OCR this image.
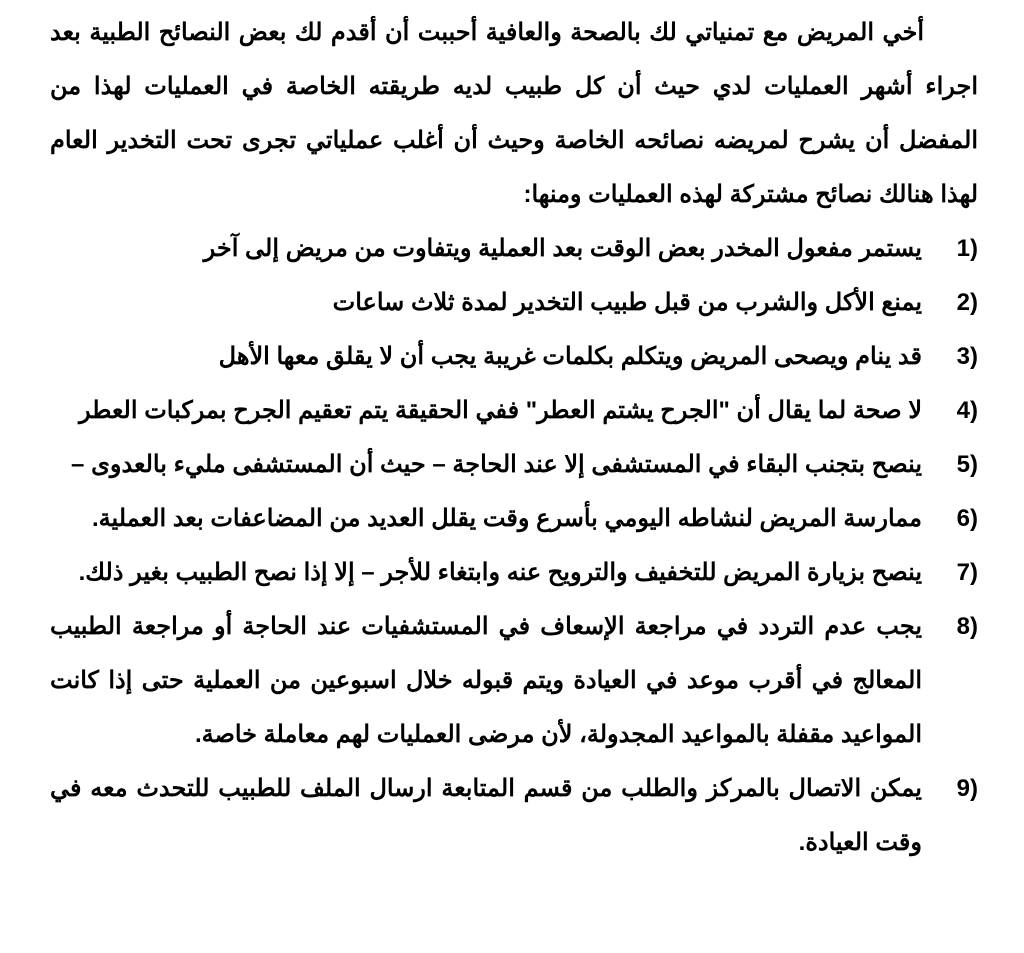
أخي المريض مع تمنياتي لك بالصحة والعافية أحببت أن أقدم لك بعض النصائح الطبية بعد اجراء أشهر العمليات لدي حيث أن كل طبيب لديه طريقته الخاصة في العمليات لهذا من المفضل أن يشرح لمريضه نصائحه الخاصة وحيث أن أغلب عملياتي تجرى تحت التخدير العام لهذا هنالك نصائح مشتركة لهذه العمليات ومنها:

1)
يستمر مفعول المخدر بعض الوقت بعد العملية ويتفاوت من مريض إلى آخر
2)
يمنع الأكل والشرب من قبل طبيب التخدير لمدة ثلاث ساعات
3)
قد ينام ويصحى المريض ويتكلم بكلمات غريبة يجب أن لا يقلق معها الأهل
4)
لا صحة لما يقال أن "الجرح يشتم العطر" ففي الحقيقة يتم تعقيم الجرح بمركبات العطر
5)
ينصح بتجنب البقاء في المستشفى إلا عند الحاجة – حيث أن المستشفى مليء بالعدوى –
6)
ممارسة المريض لنشاطه اليومي بأسرع وقت يقلل العديد من المضاعفات بعد العملية.
7)
ينصح بزيارة المريض للتخفيف والترويح عنه وابتغاء للأجر – إلا إذا نصح الطبيب بغير ذلك.
8)
يجب عدم التردد في مراجعة الإسعاف في المستشفيات عند الحاجة أو مراجعة الطبيب المعالج في أقرب موعد في العيادة ويتم قبوله خلال اسبوعين من العملية حتى إذا كانت المواعيد مقفلة بالمواعيد المجدولة، لأن مرضى العمليات لهم معاملة خاصة.
9)
يمكن الاتصال بالمركز والطلب من قسم المتابعة ارسال الملف للطبيب للتحدث معه في وقت العيادة.
